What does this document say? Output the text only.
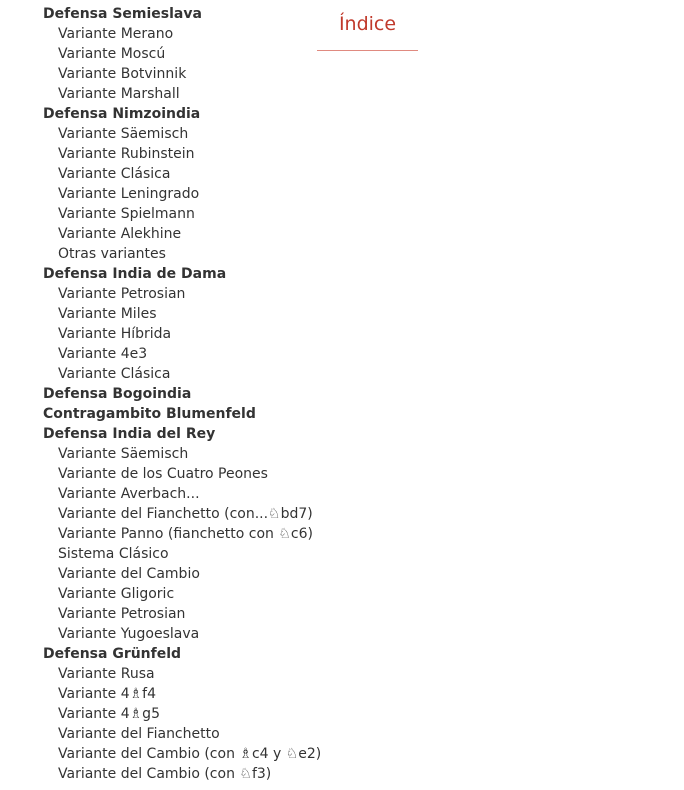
Defensa Semieslava
Variante Merano
Variante Moscú
Variante Botvinnik
Variante Marshall
Defensa Nimzoindia
Variante Säemisch
Variante Rubinstein
Variante Clásica
Variante Leningrado
Variante Spielmann
Variante Alekhine
Otras variantes
Defensa India de Dama
Variante Petrosian
Variante Miles
Variante Híbrida
Variante 4e3
Variante Clásica
Defensa Bogoindia
Contragambito Blumenfeld
Defensa India del Rey
Variante Säemisch
Variante de los Cuatro Peones
Variante Averbach...
Variante del Fianchetto (con...♘bd7)
Variante Panno (fianchetto con ♘c6)
Sistema Clásico
Variante del Cambio
Variante Gligoric
Variante Petrosian
Variante Yugoeslava
Defensa Grünfeld
Variante Rusa
Variante 4♗f4
Variante 4♗g5
Variante del Fianchetto
Variante del Cambio (con ♗c4 y ♘e2)
Variante del Cambio (con ♘f3)
Índice
